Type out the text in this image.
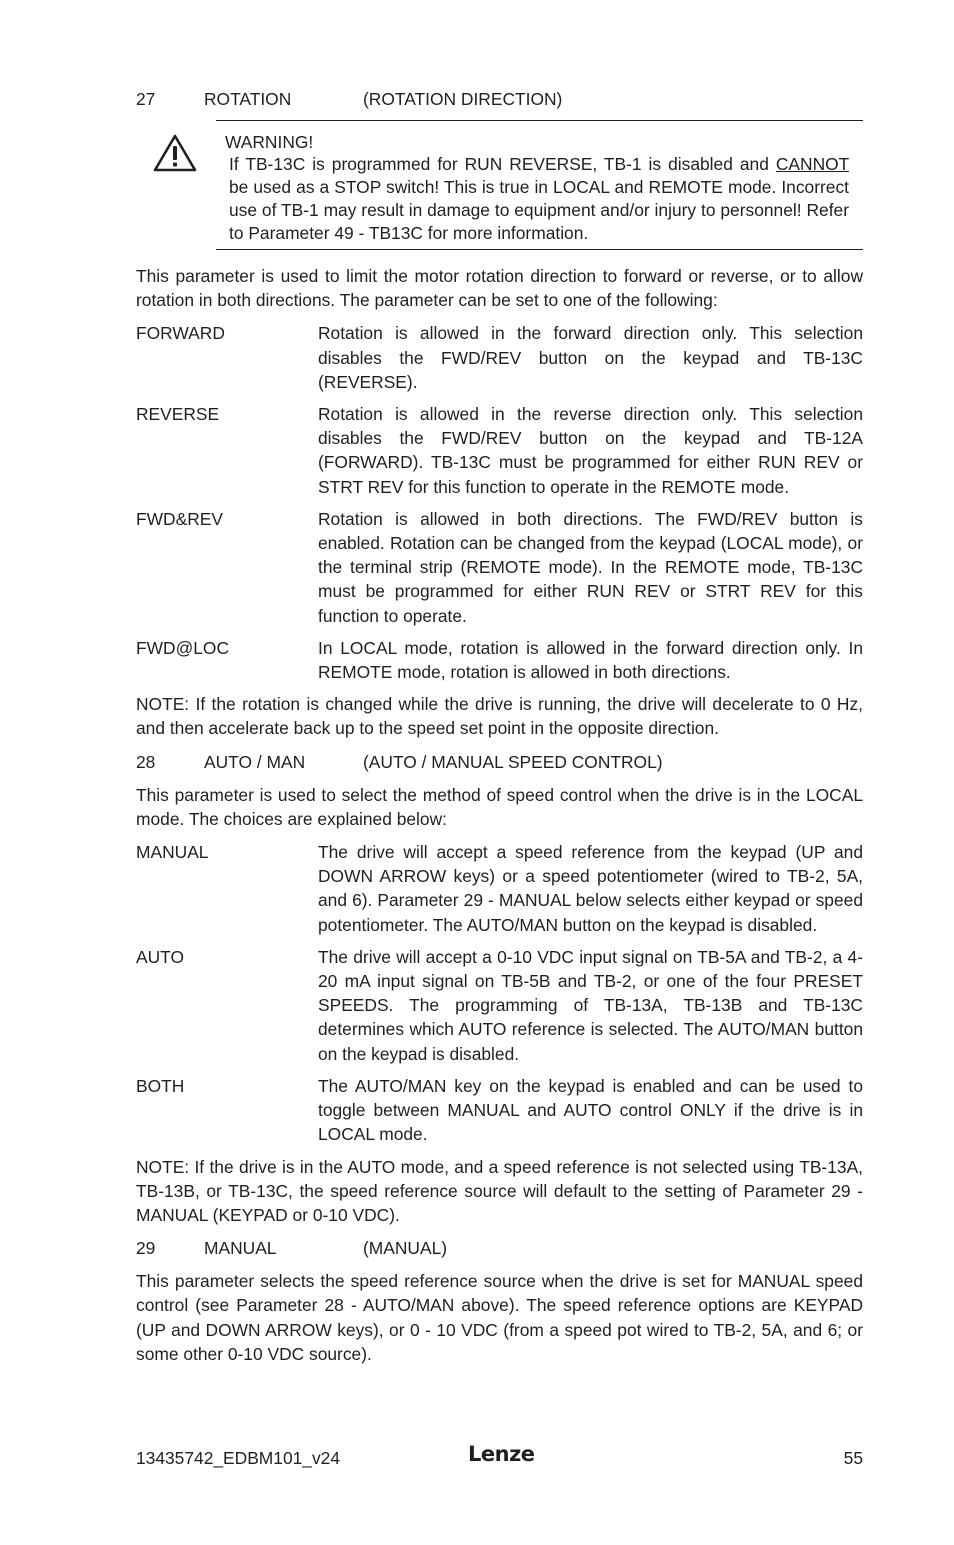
27	ROTATION	(ROTATION DIRECTION)
WARNING!
If TB-13C is programmed for RUN REVERSE, TB-1 is disabled and CANNOT be used as a STOP switch! This is true in LOCAL and REMOTE mode. Incorrect use of TB-1 may result in damage to equipment and/or injury to personnel! Refer to Parameter 49 - TB13C for more information.

This parameter is used to limit the motor rotation direction to forward or reverse, or to allow rotation in both directions. The parameter can be set to one of the following:

FORWARD	Rotation is allowed in the forward direction only. This selection disables the FWD/REV button on the keypad and TB-13C (REVERSE).
REVERSE	Rotation is allowed in the reverse direction only. This selection disables the FWD/REV button on the keypad and TB-12A (FORWARD). TB-13C must be programmed for either RUN REV or STRT REV for this function to operate in the REMOTE mode.
FWD&REV	Rotation is allowed in both directions. The FWD/REV button is enabled. Rotation can be changed from the keypad (LOCAL mode), or the terminal strip (REMOTE mode). In the REMOTE mode, TB-13C must be programmed for either RUN REV or STRT REV for this function to operate.
FWD@LOC	In LOCAL mode, rotation is allowed in the forward direction only. In REMOTE mode, rotation is allowed in both directions.

NOTE: If the rotation is changed while the drive is running, the drive will decelerate to 0 Hz, and then accelerate back up to the speed set point in the opposite direction.

28	AUTO / MAN	(AUTO / MANUAL SPEED CONTROL)

This parameter is used to select the method of speed control when the drive is in the LOCAL mode. The choices are explained below:

MANUAL	The drive will accept a speed reference from the keypad (UP and DOWN ARROW keys) or a speed potentiometer (wired to TB-2, 5A, and 6). Parameter 29 - MANUAL below selects either keypad or speed potentiometer. The AUTO/MAN button on the keypad is disabled.
AUTO	The drive will accept a 0-10 VDC input signal on TB-5A and TB-2, a 4-20 mA input signal on TB-5B and TB-2, or one of the four PRESET SPEEDS. The programming of TB-13A, TB-13B and TB-13C determines which AUTO reference is selected. The AUTO/MAN button on the keypad is disabled.
BOTH	The AUTO/MAN key on the keypad is enabled and can be used to toggle between MANUAL and AUTO control ONLY if the drive is in LOCAL mode.

NOTE: If the drive is in the AUTO mode, and a speed reference is not selected using TB-13A, TB-13B, or TB-13C, the speed reference source will default to the setting of Parameter 29 - MANUAL (KEYPAD or 0-10 VDC).

29	MANUAL	(MANUAL)

This parameter selects the speed reference source when the drive is set for MANUAL speed control (see Parameter 28 - AUTO/MAN above). The speed reference options are KEYPAD (UP and DOWN ARROW keys), or 0 - 10 VDC (from a speed pot wired to TB-2, 5A, and 6; or some other 0-10 VDC source).

13435742_EDBM101_v24	Lenze	55
